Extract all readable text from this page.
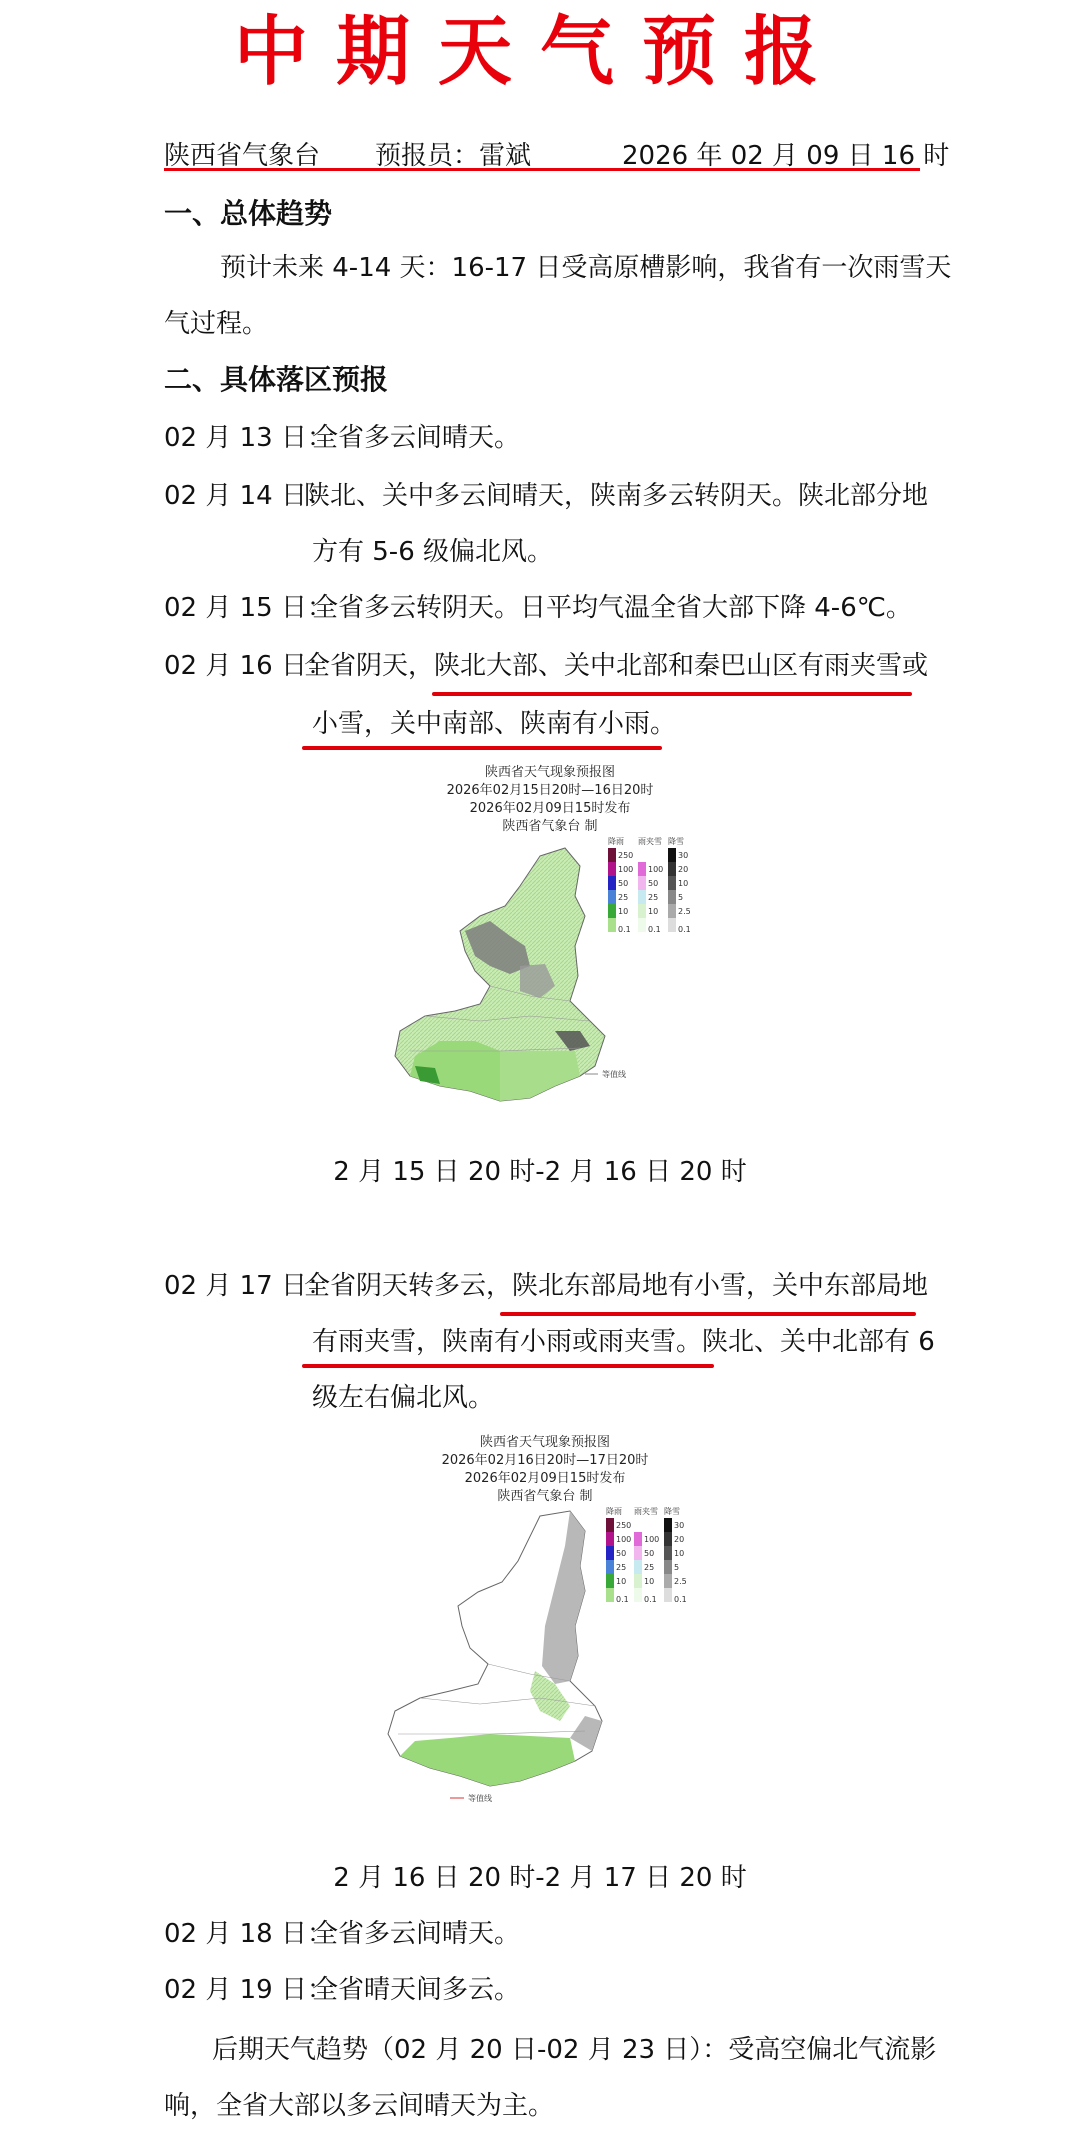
中期天气预报
陕西省气象台 预报员：雷斌	2026 年 02 月 09 日 16 时
一、总体趋势
预计未来 4-14 天：16-17 日受高原槽影响，我省有一次雨雪天
气过程。
二、具体落区预报
02 月 13 日：
全省多云间晴天。
02 月 14 日：
陕北、关中多云间晴天，陕南多云转阴天。陕北部分地
方有 5-6 级偏北风。
02 月 15 日：
全省多云转阴天。日平均气温全省大部下降 4-6℃。
02 月 16 日：
全省阴天，陕北大部、关中北部和秦巴山区有雨夹雪或
小雪，关中南部、陕南有小雨。
陕西省天气现象预报图
2026年02月15日20时—16日20时
2026年02月09日15时发布
陕西省气象台 制
降雨 雨夹雪 降雪
250
100
50
25
10
0.1
100
50
25
10
0.1
30
20
10
5
2.5
0.1
等值线
2 月 15 日 20 时-2 月 16 日 20 时
02 月 17 日：
全省阴天转多云，陕北东部局地有小雪，关中东部局地
有雨夹雪，陕南有小雨或雨夹雪。陕北、关中北部有 6
级左右偏北风。
陕西省天气现象预报图
2026年02月16日20时—17日20时
2026年02月09日15时发布
陕西省气象台 制
降雨 雨夹雪 降雪
250
100
50
25
10
0.1
100
50
25
10
0.1
30
20
10
5
2.5
0.1
等值线
2 月 16 日 20 时-2 月 17 日 20 时
02 月 18 日：
全省多云间晴天。
02 月 19 日：
全省晴天间多云。
后期天气趋势（02 月 20 日-02 月 23 日）：受高空偏北气流影
响，全省大部以多云间晴天为主。
